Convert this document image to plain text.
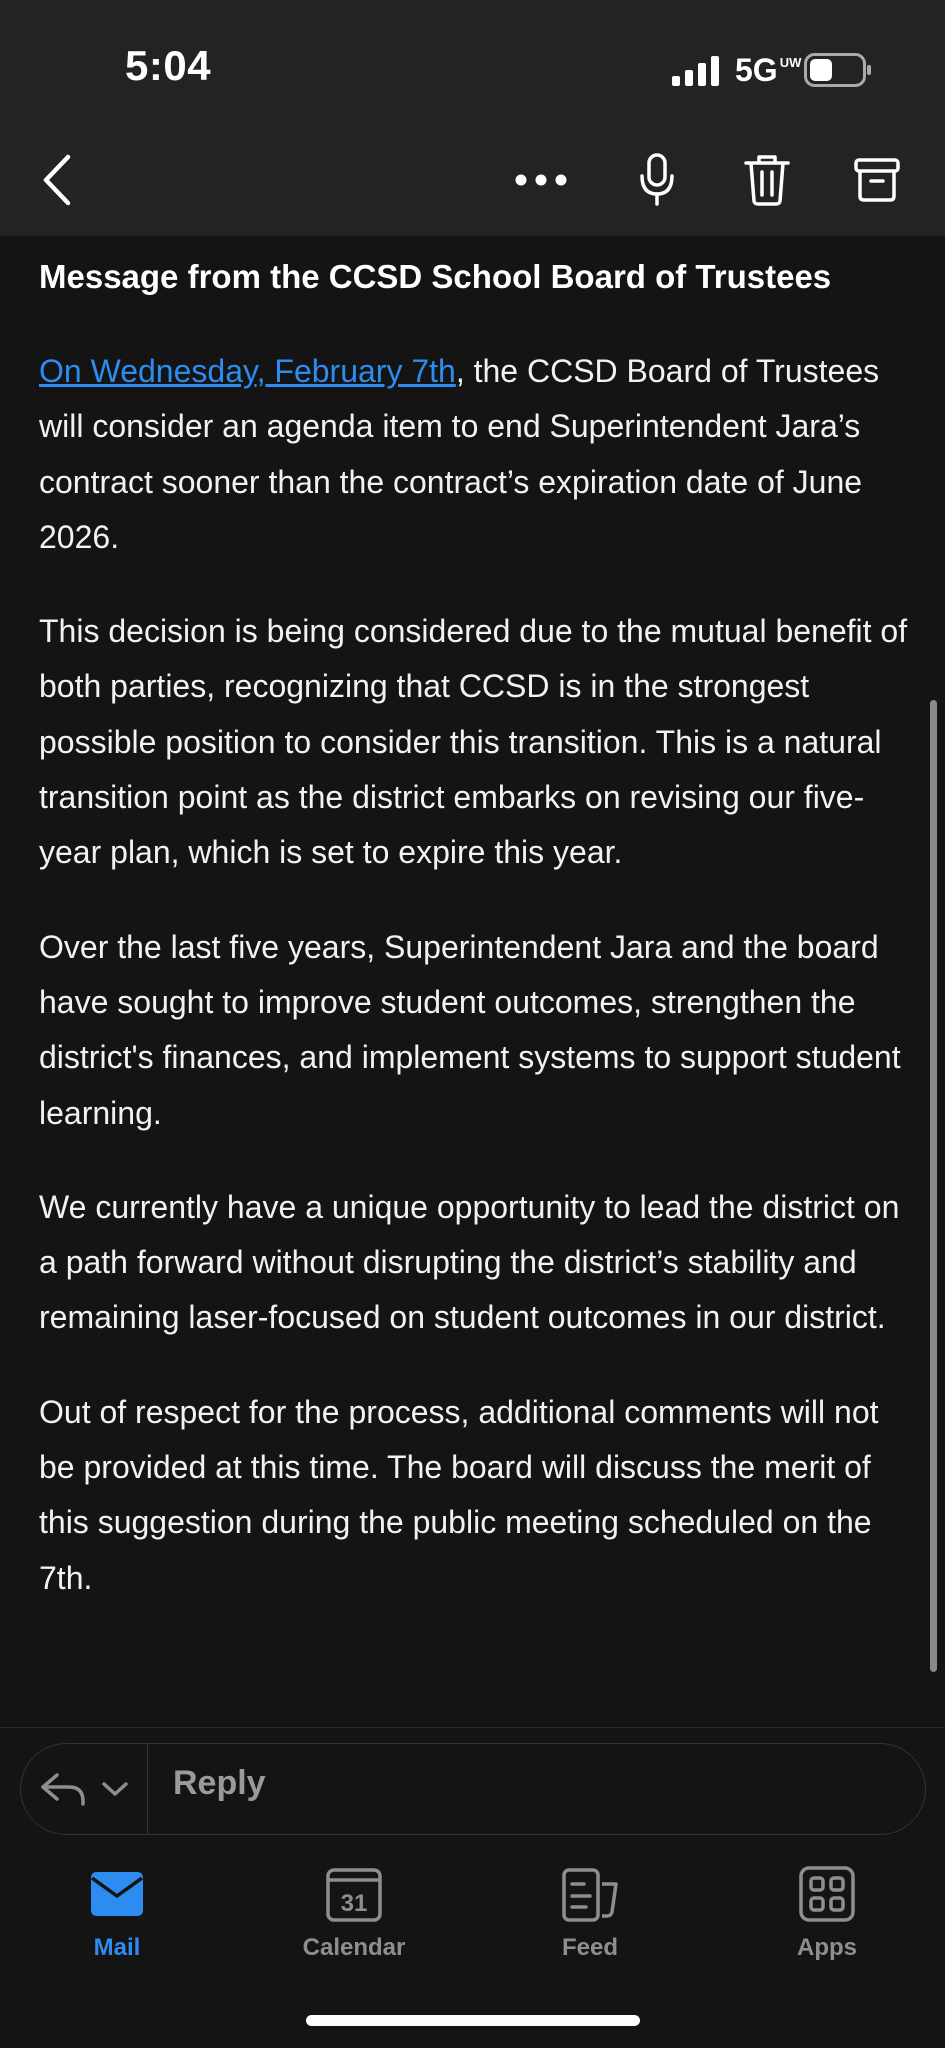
5:04	5G $^{UW}$
Message from the CCSD School Board of Trustees

On Wednesday, February 7th, the CCSD Board of Trustees will consider an agenda item to end Superintendent Jara’s contract sooner than the contract’s expiration date of June 2026.

This decision is being considered due to the mutual benefit of both parties, recognizing that CCSD is in the strongest possible position to consider this transition. This is a natural transition point as the district embarks on revising our five-year plan, which is set to expire this year.

Over the last five years, Superintendent Jara and the board have sought to improve student outcomes, strengthen the district's finances, and implement systems to support student learning.

We currently have a unique opportunity to lead the district on a path forward without disrupting the district’s stability and remaining laser-focused on student outcomes in our district.

Out of respect for the process, additional comments will not be provided at this time. The board will discuss the merit of this suggestion during the public meeting scheduled on the 7th.

Reply
Mail
31
Calendar	Feed	Apps
